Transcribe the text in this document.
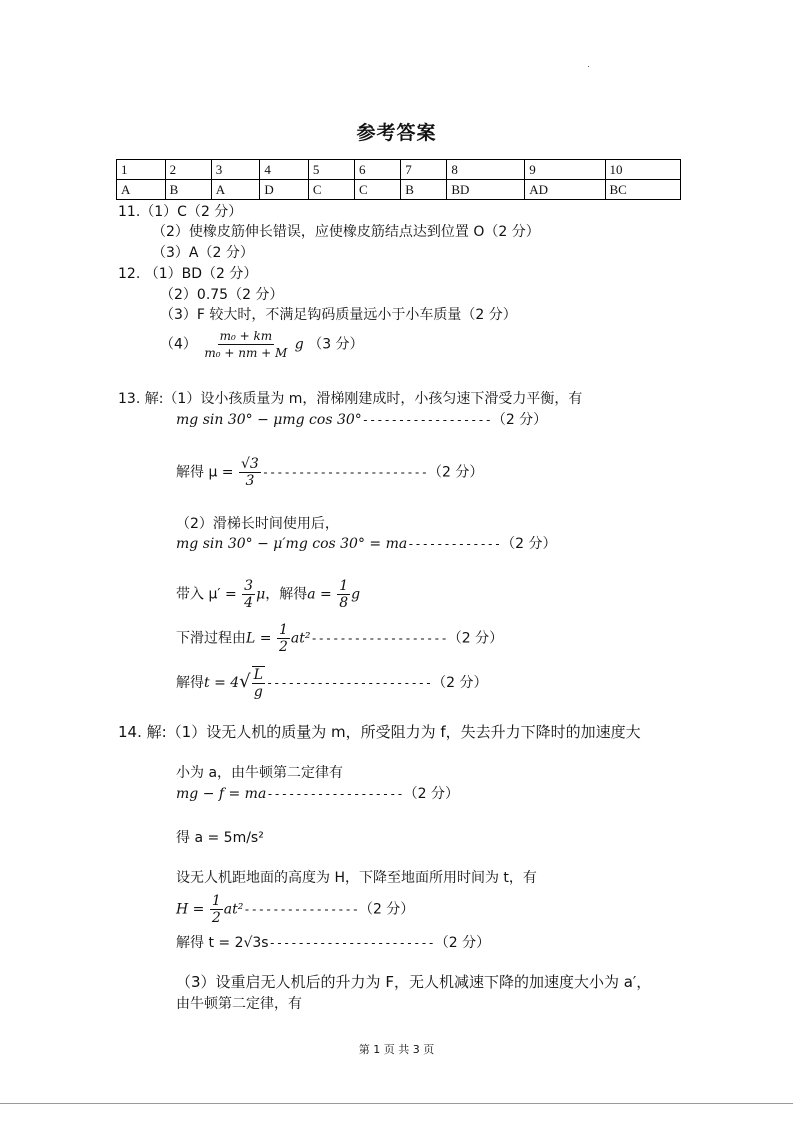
参考答案
1	2	3	4	5	6	7	8	9	10
A	B	A	D	C	C	B	BD	AD	BC
11.（1）C（2 分）
（2）使橡皮筋伸长错误，应使橡皮筋结点达到位置 O（2 分）
（3）A（2 分）
12. （1）BD（2 分）
（2）0.75（2 分）
（3）F 较大时，不满足钩码质量远小于小车质量（2 分）
$(4) \frac{\text{m₀ + km}}{\text{m₀ + nm + M}}$ g （3 分）
13. 解:（1）设小孩质量为 m，滑梯刚建成时，小孩匀速下滑受力平衡，有
mg sin 30° − μmg cos 30°------------------（2 分）
解得 $\mu = \frac{√3}{3} -----------------------(2$ 分）
（2）滑梯长时间使用后，
mg sin 30° − μ′mg cos 30° = ma-------------（2 分）
带入 $\mu' = \frac{3}{4}$ μ，解得$a = \frac{1}{8}$ g
下滑过程由$L = \frac{1}{2} at^2-------------------(2$ 分）
解得$t = 4√ \frac{L}{g} -----------------------(2$ 分）
14. 解:（1）设无人机的质量为 m，所受阻力为 f，失去升力下降时的加速度大
小为 a，由牛顿第二定律有
mg − f = ma-------------------（2 分）
得 a = 5m/s²
设无人机距地面的高度为 H，下降至地面所用时间为 t，有
$H = \frac{1}{2} at^2----------------(2$ 分）
解得 t = 2√3s-----------------------（2 分）
（3）设重启无人机后的升力为 F，无人机减速下降的加速度大小为 a′，
由牛顿第二定律，有
第 1 页 共 3 页
